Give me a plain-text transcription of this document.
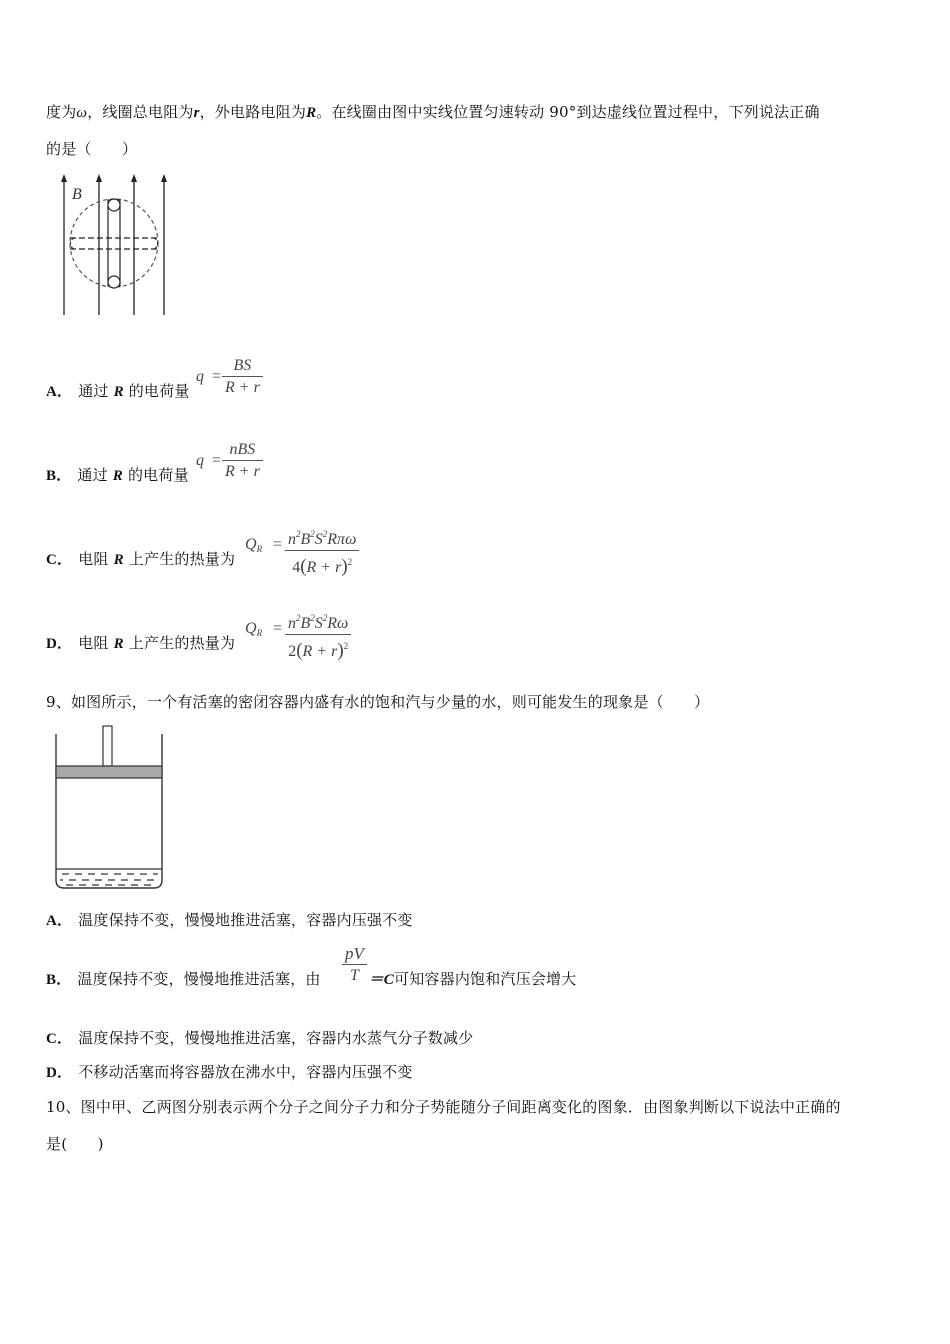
度为ω，线圈总电阻为r，外电路电阻为R。在线圈由图中实线位置匀速转动 90°到达虚线位置过程中，下列说法正确
的是（　　）
B
A． 通过 R 的电荷量
q =
BS
R + r
B． 通过 R 的电荷量
q =
nBS
R + r
C． 电阻 R 上产生的热量为
$Q_R = n^2B^2S^2R\pi\omega$
$4(R + r)^2$
D． 电阻 R 上产生的热量为
$Q_R = n^2B^2S^2R\omega$
$2(R + r)^2$
9、如图所示，一个有活塞的密闭容器内盛有水的饱和汽与少量的水，则可能发生的现象是（　　）
A． 温度保持不变，慢慢地推进活塞，容器内压强不变
B． 温度保持不变，慢慢地推进活塞，由	＝C可知容器内饱和汽压会增大
pV
T
C． 温度保持不变，慢慢地推进活塞，容器内水蒸气分子数减少
D． 不移动活塞而将容器放在沸水中，容器内压强不变
10、图中甲、乙两图分别表示两个分子之间分子力和分子势能随分子间距离变化的图象．由图象判断以下说法中正确的
是(　　)
